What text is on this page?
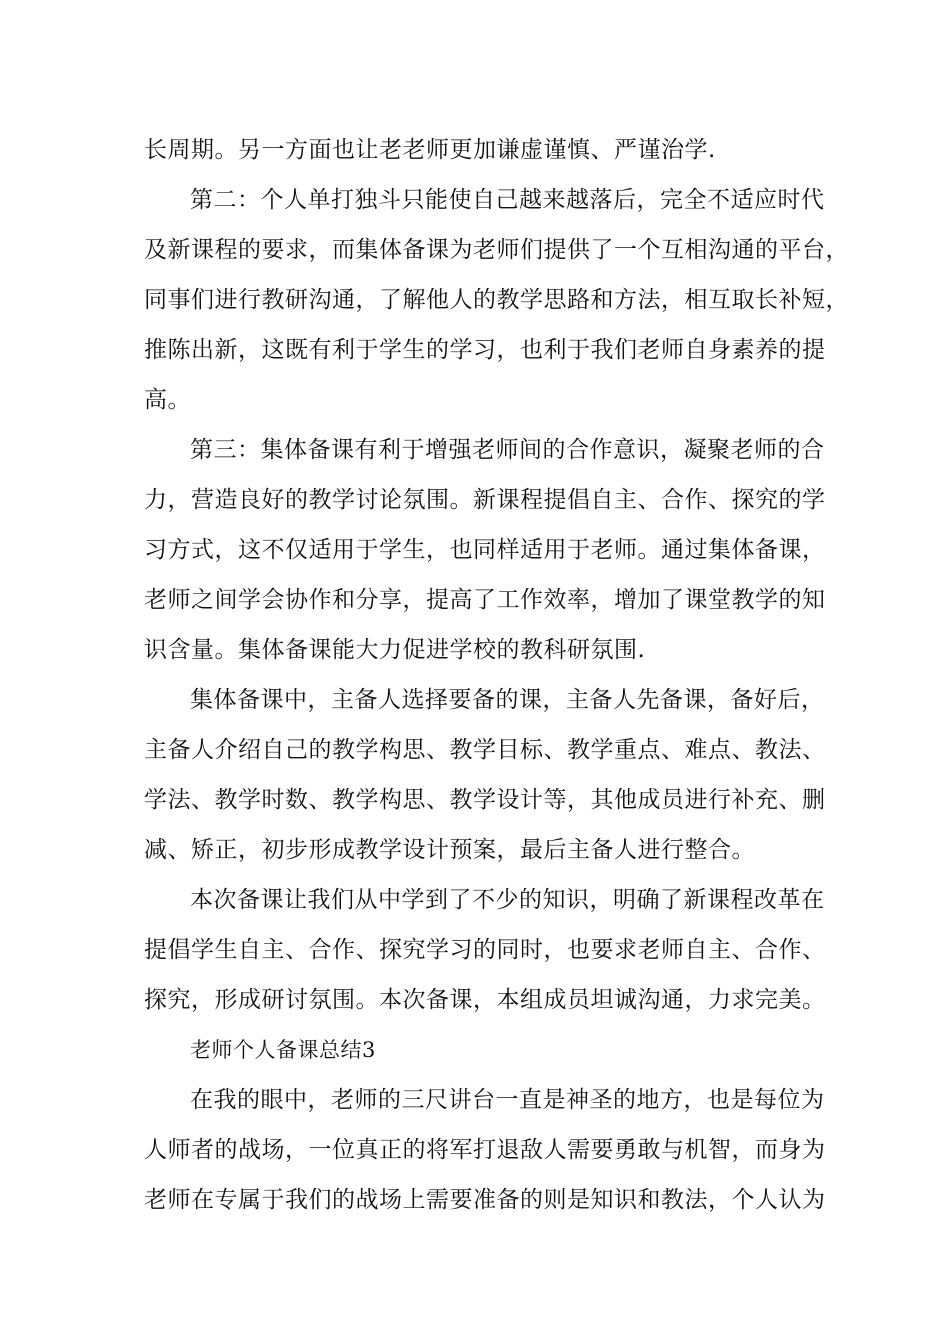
长周期。另一方面也让老老师更加谦虚谨慎、严谨治学.
第二：个人单打独斗只能使自己越来越落后，完全不适应时代
及新课程的要求，而集体备课为老师们提供了一个互相沟通的平台，
同事们进行教研沟通，了解他人的教学思路和方法，相互取长补短，
推陈出新，这既有利于学生的学习，也利于我们老师自身素养的提
高。
第三：集体备课有利于增强老师间的合作意识，凝聚老师的合
力，营造良好的教学讨论氛围。新课程提倡自主、合作、探究的学
习方式，这不仅适用于学生，也同样适用于老师。通过集体备课，
老师之间学会协作和分享，提高了工作效率，增加了课堂教学的知
识含量。集体备课能大力促进学校的教科研氛围.
集体备课中，主备人选择要备的课，主备人先备课，备好后，
主备人介绍自己的教学构思、教学目标、教学重点、难点、教法、
学法、教学时数、教学构思、教学设计等，其他成员进行补充、删
减、矫正，初步形成教学设计预案，最后主备人进行整合。
本次备课让我们从中学到了不少的知识，明确了新课程改革在
提倡学生自主、合作、探究学习的同时，也要求老师自主、合作、
探究，形成研讨氛围。本次备课，本组成员坦诚沟通，力求完美。
老师个人备课总结3
在我的眼中，老师的三尺讲台一直是神圣的地方，也是每位为
人师者的战场，一位真正的将军打退敌人需要勇敢与机智，而身为
老师在专属于我们的战场上需要准备的则是知识和教法，个人认为
